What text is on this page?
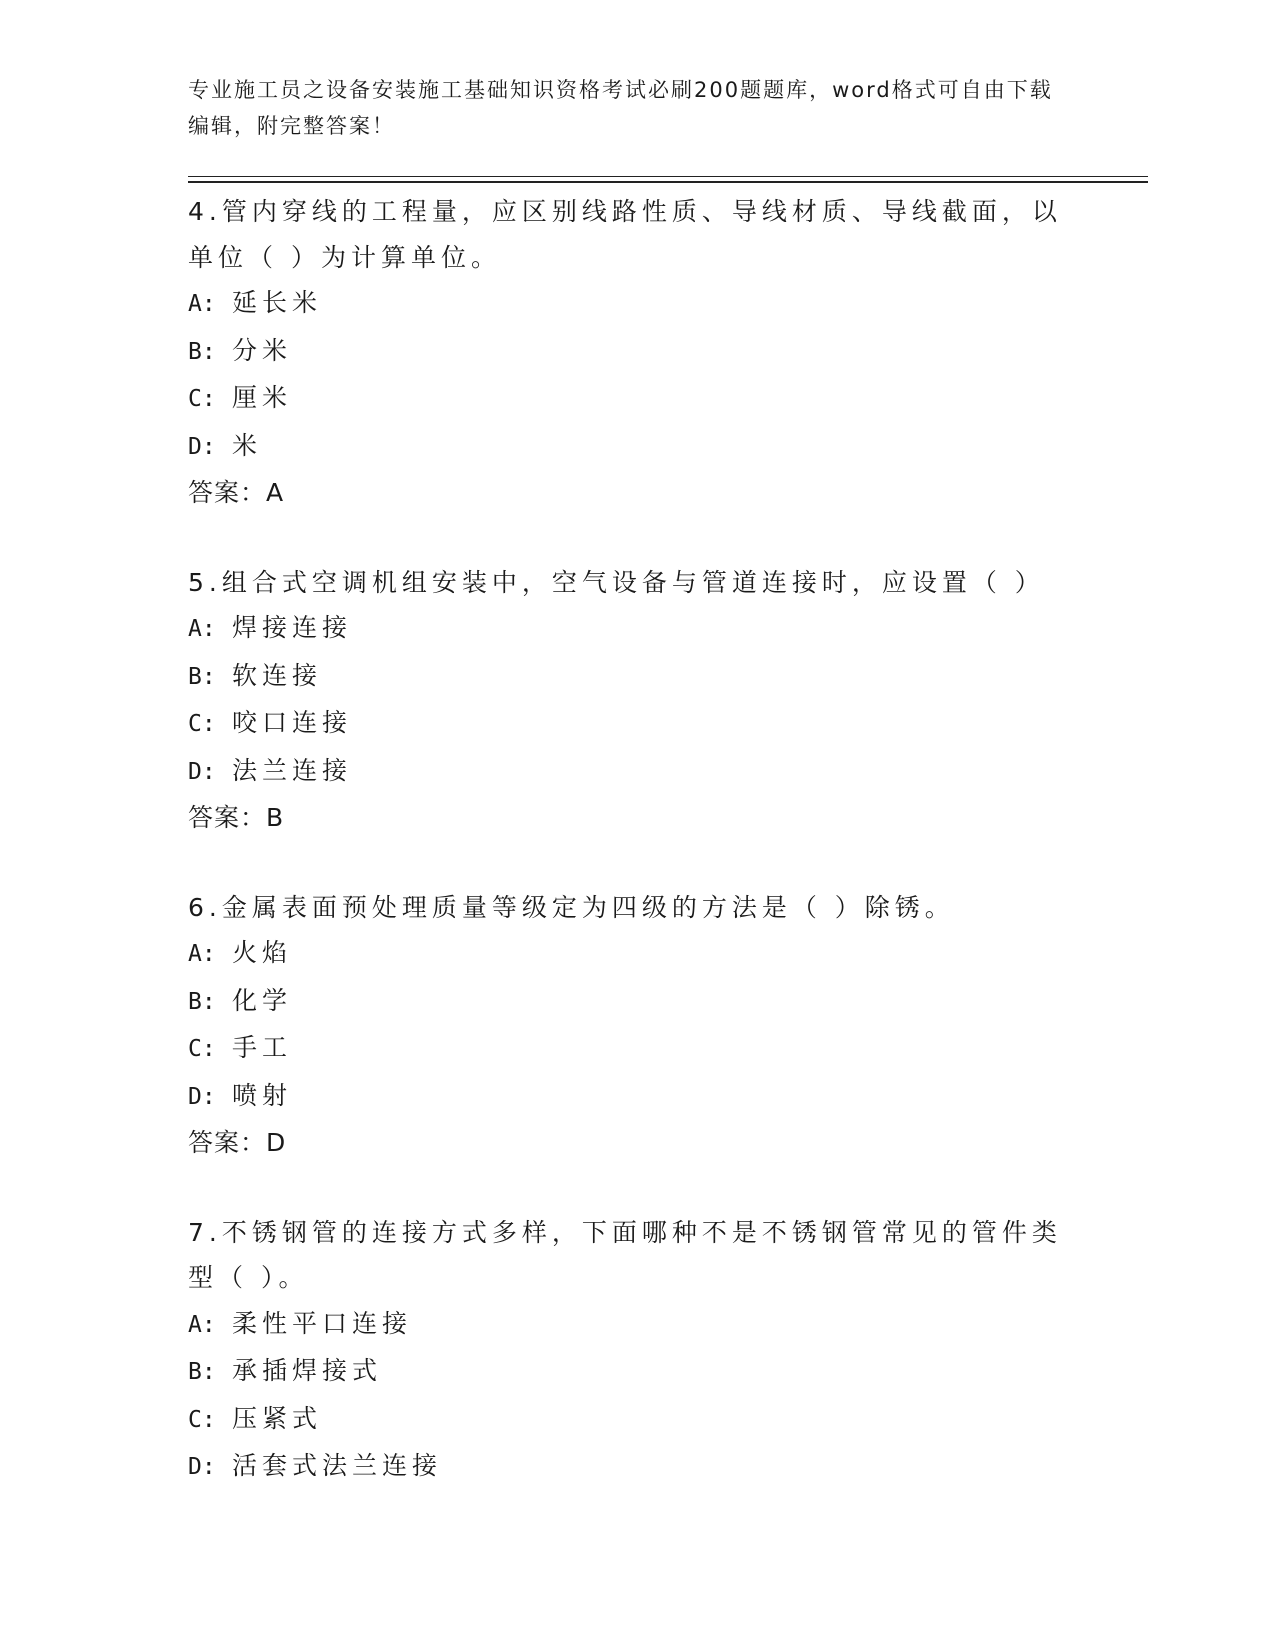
专业施工员之设备安装施工基础知识资格考试必刷200题题库，word格式可自由下载编辑，附完整答案！
4.管内穿线的工程量，应区别线路性质、导线材质、导线截面，以单位（ ）为计算单位。
A: 延长米
B: 分米
C: 厘米
D: 米
答案：A
5.组合式空调机组安装中，空气设备与管道连接时，应设置（ ）
A: 焊接连接
B: 软连接
C: 咬口连接
D: 法兰连接
答案：B
6.金属表面预处理质量等级定为四级的方法是（ ）除锈。
A: 火焰
B: 化学
C: 手工
D: 喷射
答案：D
7.不锈钢管的连接方式多样，下面哪种不是不锈钢管常见的管件类型（ ）。
A: 柔性平口连接
B: 承插焊接式
C: 压紧式
D: 活套式法兰连接
